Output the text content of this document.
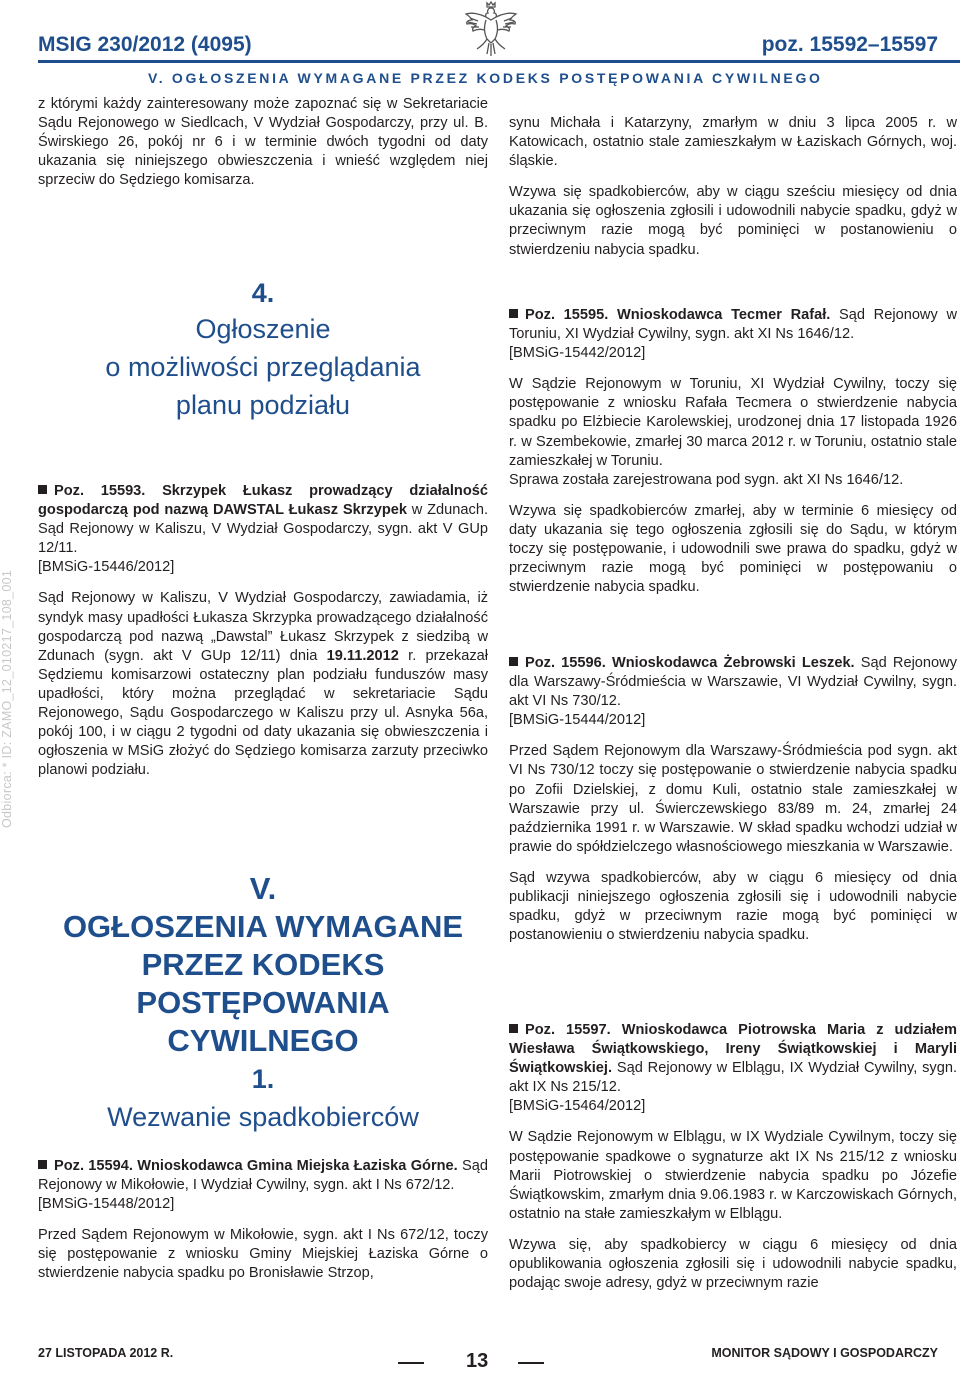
MSIG 230/2012 (4095)	poz. 15592–15597
V. OGŁOSZENIA WYMAGANE PRZEZ KODEKS POSTĘPOWANIA CYWILNEGO
Odbiorca: * ID: ZAMO_12_010217_108_001

z którymi każdy zainteresowany może zapoznać się w Sekretariacie Sądu Rejonowego w Siedlcach, V Wydział Gospodarczy, przy ul. B. Świrskiego 26, pokój nr 6 i w terminie dwóch tygodni od daty ukazania się niniejszego obwieszczenia i wnieść względem niej sprzeciw do Sędziego komisarza.

4.
Ogłoszenie
o możliwości przeglądania
planu podziału

Poz. 15593. Skrzypek Łukasz prowadzący działalność gospodarczą pod nazwą DAWSTAL Łukasz Skrzypek w Zdunach. Sąd Rejonowy w Kaliszu, V Wydział Gospodarczy, sygn. akt V GUp 12/11.

[BMSiG-15446/2012]

Sąd Rejonowy w Kaliszu, V Wydział Gospodarczy, zawiadamia, iż syndyk masy upadłości Łukasza Skrzypka prowadzącego działalność gospodarczą pod nazwą „Dawstal” Łukasz Skrzypek z siedzibą w Zdunach (sygn. akt V GUp 12/11) dnia 19.11.2012 r. przekazał Sędziemu komisarzowi ostateczny plan podziału funduszów masy upadłości, który można przeglądać w sekretariacie Sądu Rejonowego, Sądu Gospodarczego w Kaliszu przy ul. Asnyka 56a, pokój 100, i w ciągu 2 tygodni od daty ukazania się obwieszczenia i ogłoszenia w MSiG złożyć do Sędziego komisarza zarzuty przeciwko planowi podziału.

V.
OGŁOSZENIA WYMAGANE
PRZEZ KODEKS
POSTĘPOWANIA CYWILNEGO
1.
Wezwanie spadkobierców

Poz. 15594. Wnioskodawca Gmina Miejska Łaziska Górne. Sąd Rejonowy w Mikołowie, I Wydział Cywilny, sygn. akt I Ns 672/12.

[BMSiG-15448/2012]

Przed Sądem Rejonowym w Mikołowie, sygn. akt I Ns 672/12, toczy się postępowanie z wniosku Gminy Miejskiej Łaziska Górne o stwierdzenie nabycia spadku po Bronisławie Strzop,

synu Michała i Katarzyny, zmarłym w dniu 3 lipca 2005 r. w Katowicach, ostatnio stale zamieszkałym w Łaziskach Górnych, woj. śląskie.

Wzywa się spadkobierców, aby w ciągu sześciu miesięcy od dnia ukazania się ogłoszenia zgłosili i udowodnili nabycie spadku, gdyż w przeciwnym razie mogą być pominięci w postanowieniu o stwierdzeniu nabycia spadku.

Poz. 15595. Wnioskodawca Tecmer Rafał. Sąd Rejonowy w Toruniu, XI Wydział Cywilny, sygn. akt XI Ns 1646/12.

[BMSiG-15442/2012]

W Sądzie Rejonowym w Toruniu, XI Wydział Cywilny, toczy się postępowanie z wniosku Rafała Tecmera o stwierdzenie nabycia spadku po Elżbiecie Karolewskiej, urodzonej dnia 17 listopada 1926 r. w Szembekowie, zmarłej 30 marca 2012 r. w Toruniu, ostatnio stale zamieszkałej w Toruniu.

Sprawa została zarejestrowana pod sygn. akt XI Ns 1646/12.

Wzywa się spadkobierców zmarłej, aby w terminie 6 miesięcy od daty ukazania się tego ogłoszenia zgłosili się do Sądu, w którym toczy się postępowanie, i udowodnili swe prawa do spadku, gdyż w przeciwnym razie mogą być pominięci w postępowaniu o stwierdzenie nabycia spadku.

Poz. 15596. Wnioskodawca Żebrowski Leszek. Sąd Rejonowy dla Warszawy-Śródmieścia w Warszawie, VI Wydział Cywilny, sygn. akt VI Ns 730/12.

[BMSiG-15444/2012]

Przed Sądem Rejonowym dla Warszawy-Śródmieścia pod sygn. akt VI Ns 730/12 toczy się postępowanie o stwierdzenie nabycia spadku po Zofii Dzielskiej, z domu Kuli, ostatnio stale zamieszkałej w Warszawie przy ul. Świerczewskiego 83/89 m. 24, zmarłej 24 października 1991 r. w Warszawie. W skład spadku wchodzi udział w prawie do spółdzielczego własnościowego mieszkania w Warszawie.

Sąd wzywa spadkobierców, aby w ciągu 6 miesięcy od dnia publikacji niniejszego ogłoszenia zgłosili się i udowodnili nabycie spadku, gdyż w przeciwnym razie mogą być pominięci w postanowieniu o stwierdzeniu nabycia spadku.

Poz. 15597. Wnioskodawca Piotrowska Maria z udziałem Wiesława Świątkowskiego, Ireny Świątkowskiej i Maryli Świątkowskiej. Sąd Rejonowy w Elblągu, IX Wydział Cywilny, sygn. akt IX Ns 215/12.

[BMSiG-15464/2012]

W Sądzie Rejonowym w Elblągu, w IX Wydziale Cywilnym, toczy się postępowanie spadkowe o sygnaturze akt IX Ns 215/12 z wniosku Marii Piotrowskiej o stwierdzenie nabycia spadku po Józefie Świątkowskim, zmarłym dnia 9.06.1983 r. w Karczowiskach Górnych, ostatnio na stałe zamieszkałym w Elblągu.

Wzywa się, aby spadkobiercy w ciągu 6 miesięcy od dnia opublikowania ogłoszenia zgłosili się i udowodnili nabycie spadku, podając swoje adresy, gdyż w przeciwnym razie

27 LISTOPADA 2012 R.	13	MONITOR SĄDOWY I GOSPODARCZY
